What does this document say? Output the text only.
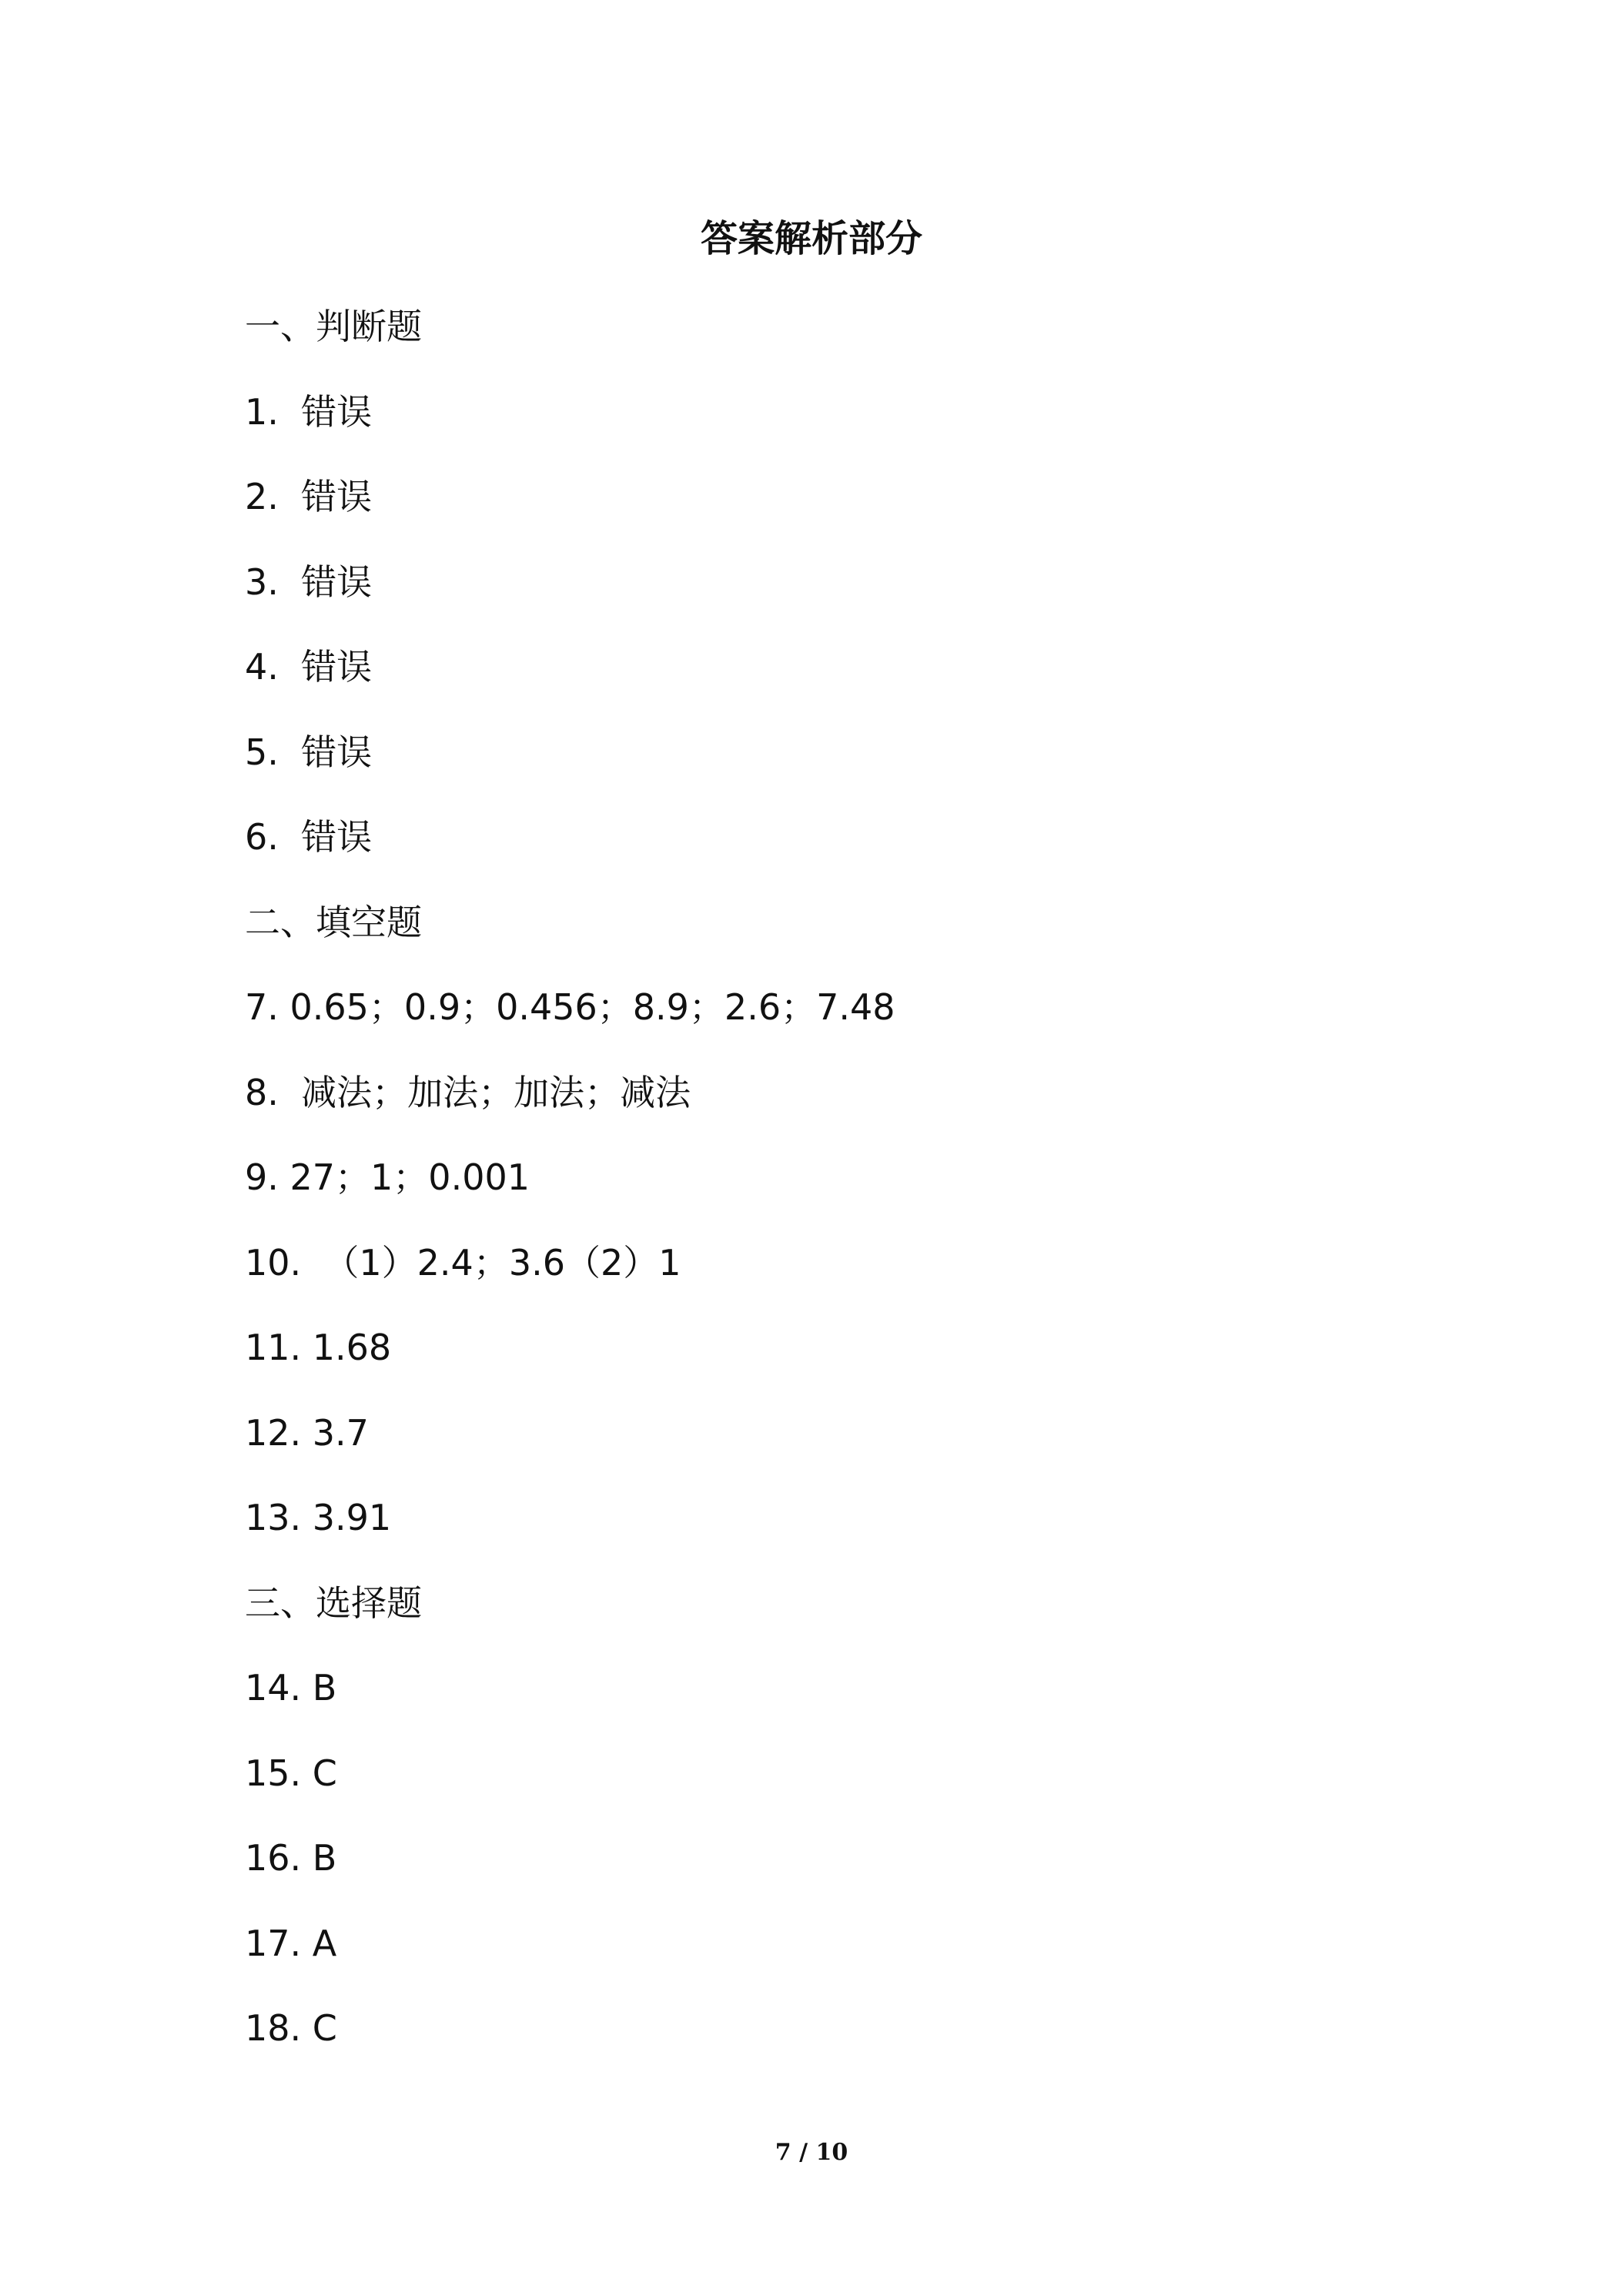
答案解析部分
一、判断题
1.  错误
2.  错误
3.  错误
4.  错误
5.  错误
6.  错误
二、填空题
7. 0.65；0.9；0.456；8.9；2.6；7.48
8.  减法；加法；加法；减法
9. 27；1；0.001
10.  （1）2.4；3.6（2）1
11. 1.68
12. 3.7
13. 3.91
三、选择题
14. B
15. C
16. B
17. A
18. C
7 / 10
